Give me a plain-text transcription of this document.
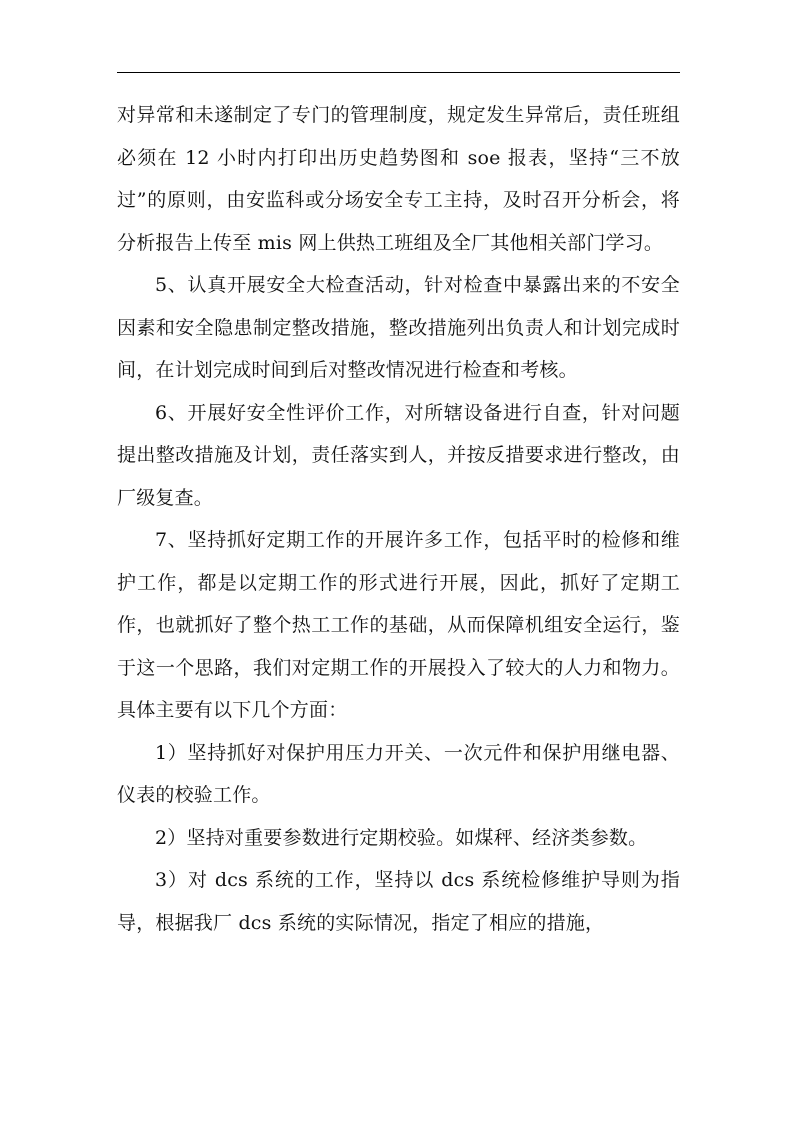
对异常和未遂制定了专门的管理制度，规定发生异常后，责任班组必须在 12 小时内打印出历史趋势图和 soe 报表，坚持“三不放过”的原则，由安监科或分场安全专工主持，及时召开分析会，将分析报告上传至 mis 网上供热工班组及全厂其他相关部门学习。

5、认真开展安全大检查活动，针对检查中暴露出来的不安全因素和安全隐患制定整改措施，整改措施列出负责人和计划完成时间，在计划完成时间到后对整改情况进行检查和考核。

6、开展好安全性评价工作，对所辖设备进行自查，针对问题提出整改措施及计划，责任落实到人，并按反措要求进行整改，由厂级复查。

7、坚持抓好定期工作的开展许多工作，包括平时的检修和维护工作，都是以定期工作的形式进行开展，因此，抓好了定期工作，也就抓好了整个热工工作的基础，从而保障机组安全运行，鉴于这一个思路，我们对定期工作的开展投入了较大的人力和物力。具体主要有以下几个方面：

1）坚持抓好对保护用压力开关、一次元件和保护用继电器、仪表的校验工作。

2）坚持对重要参数进行定期校验。如煤秤、经济类参数。

3）对 dcs 系统的工作，坚持以 dcs 系统检修维护导则为指导，根据我厂 dcs 系统的实际情况，指定了相应的措施，
